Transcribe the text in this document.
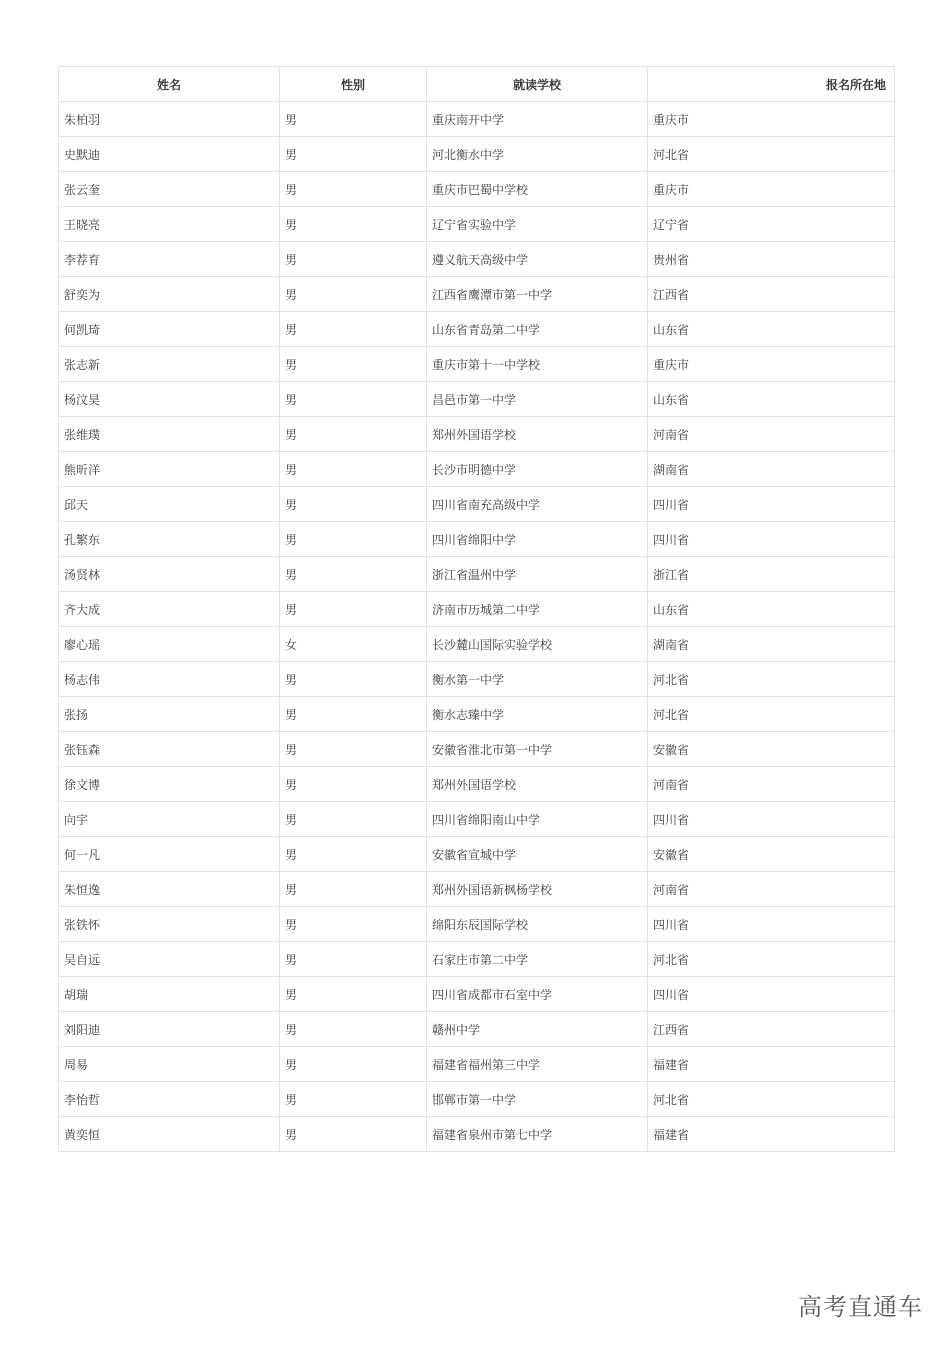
姓名	性别	就读学校	报名所在地
朱柏羽	男	重庆南开中学	重庆市
史默迪	男	河北衡水中学	河北省
张云奎	男	重庆市巴蜀中学校	重庆市
王晓亮	男	辽宁省实验中学	辽宁省
李荐育	男	遵义航天高级中学	贵州省
舒奕为	男	江西省鹰潭市第一中学	江西省
何凯琦	男	山东省青岛第二中学	山东省
张志新	男	重庆市第十一中学校	重庆市
杨汶昊	男	昌邑市第一中学	山东省
张维璞	男	郑州外国语学校	河南省
熊昕洋	男	长沙市明德中学	湖南省
邱天	男	四川省南充高级中学	四川省
孔繁东	男	四川省绵阳中学	四川省
汤贤林	男	浙江省温州中学	浙江省
齐大成	男	济南市历城第二中学	山东省
廖心瑶	女	长沙麓山国际实验学校	湖南省
杨志伟	男	衡水第一中学	河北省
张扬	男	衡水志臻中学	河北省
张钰森	男	安徽省淮北市第一中学	安徽省
徐文博	男	郑州外国语学校	河南省
向宇	男	四川省绵阳南山中学	四川省
何一凡	男	安徽省宣城中学	安徽省
朱恒逸	男	郑州外国语新枫杨学校	河南省
张铁怀	男	绵阳东辰国际学校	四川省
吴自远	男	石家庄市第二中学	河北省
胡瑞	男	四川省成都市石室中学	四川省
刘阳迪	男	赣州中学	江西省
周易	男	福建省福州第三中学	福建省
李怡哲	男	邯郸市第一中学	河北省
黄奕恒	男	福建省泉州市第七中学	福建省
高考直通车
